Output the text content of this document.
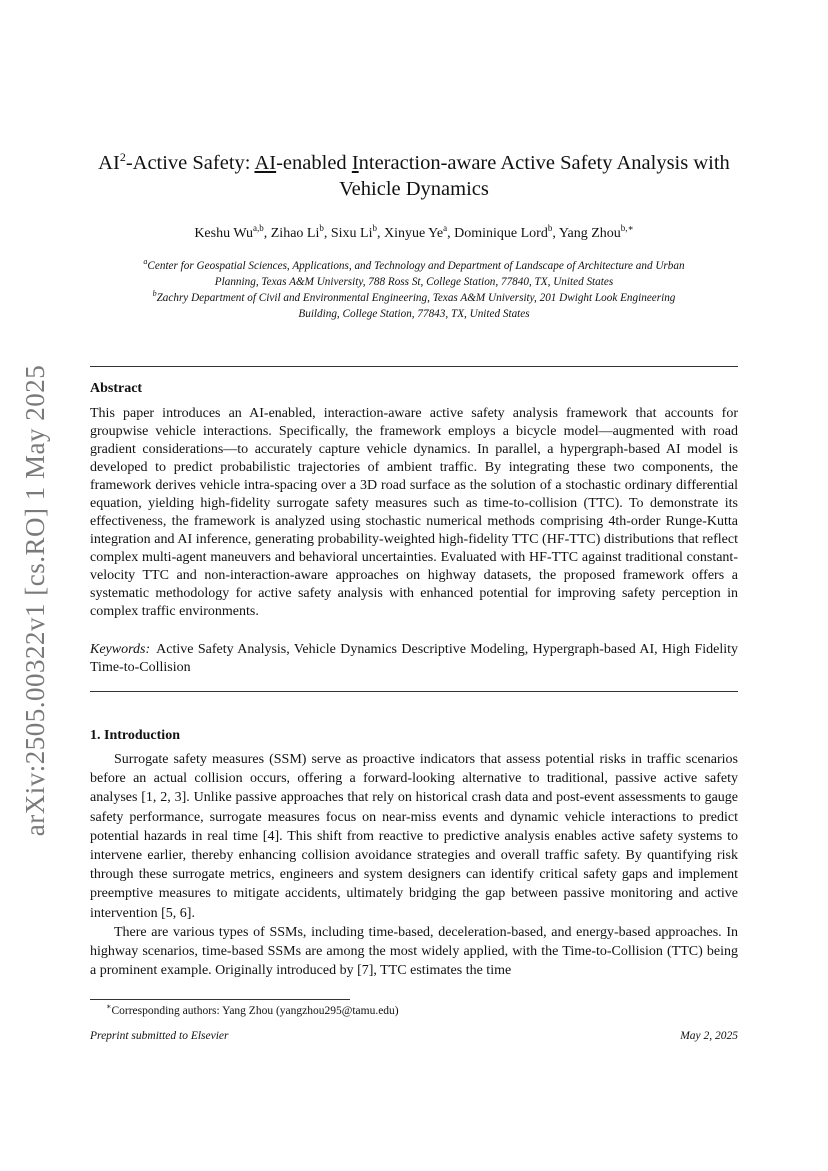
arXiv:2505.00322v1 [cs.RO] 1 May 2025
$AI^2$-Active Safety: AI-enabled Interaction-aware Active Safety Analysis with
Vehicle Dynamics
Keshu Wu$^{a,b}$, Zihao Li$^b$, Sixu Li$^b$, Xinyue Ye$^a$, Dominique Lord$^b$, Yang Zhou$^{b,∗}$
$^a$Center for Geospatial Sciences, Applications, and Technology and Department of Landscape of Architecture and Urban
Planning, Texas A&M University, 788 Ross St, College Station, 77840, TX, United States
$^b$Zachry Department of Civil and Environmental Engineering, Texas A&M University, 201 Dwight Look Engineering
Building, College Station, 77843, TX, United States
Abstract
This paper introduces an AI-enabled, interaction-aware active safety analysis framework that accounts for groupwise vehicle interactions. Specifically, the framework employs a bicycle model—augmented with road gradient considerations—to accurately capture vehicle dynamics. In parallel, a hypergraph-based AI model is developed to predict probabilistic trajectories of ambient traffic. By integrating these two components, the framework derives vehicle intra-spacing over a 3D road surface as the solution of a stochastic ordinary differential equation, yielding high-fidelity surrogate safety measures such as time-to-collision (TTC). To demonstrate its effectiveness, the framework is analyzed using stochastic numerical methods comprising 4th-order Runge-Kutta integration and AI inference, generating probability-weighted high-fidelity TTC (HF-TTC) distributions that reflect complex multi-agent maneuvers and behavioral uncertainties. Evaluated with HF-TTC against traditional constant-velocity TTC and non-interaction-aware approaches on highway datasets, the proposed framework offers a systematic methodology for active safety analysis with enhanced potential for improving safety perception in complex traffic environments.
Keywords: Active Safety Analysis, Vehicle Dynamics Descriptive Modeling, Hypergraph-based AI, High Fidelity Time-to-Collision
1. Introduction

Surrogate safety measures (SSM) serve as proactive indicators that assess potential risks in traffic scenarios before an actual collision occurs, offering a forward-looking alternative to traditional, passive active safety analyses [1, 2, 3]. Unlike passive approaches that rely on historical crash data and post-event assessments to gauge safety performance, surrogate measures focus on near-miss events and dynamic vehicle interactions to predict potential hazards in real time [4]. This shift from reactive to predictive analysis enables active safety systems to intervene earlier, thereby enhancing collision avoidance strategies and overall traffic safety. By quantifying risk through these surrogate metrics, engineers and system designers can identify critical safety gaps and implement preemptive measures to mitigate accidents, ultimately bridging the gap between passive monitoring and active intervention [5, 6].

There are various types of SSMs, including time-based, deceleration-based, and energy-based approaches. In highway scenarios, time-based SSMs are among the most widely applied, with the Time-to-Collision (TTC) being a prominent example. Originally introduced by [7], TTC estimates the time

∗Corresponding authors: Yang Zhou (yangzhou295@tamu.edu)
Preprint submitted to Elsevier	May 2, 2025
